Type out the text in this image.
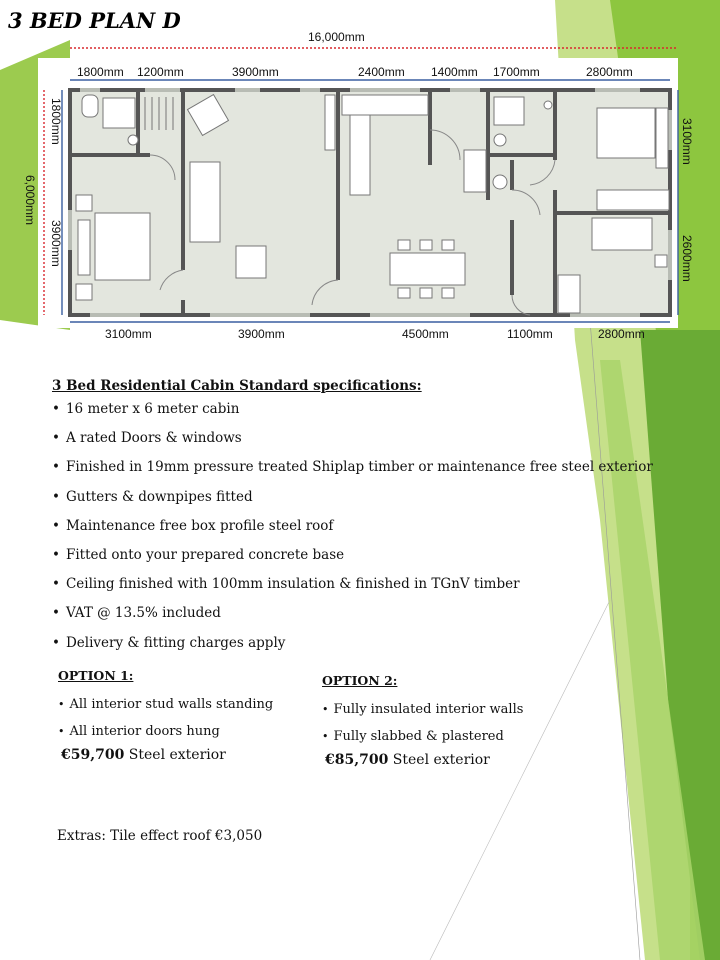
3 BED PLAN D
16,000mm
1800mm 1200mm	3900mm	2400mm 1400mm 1700mm	2800mm
3100mm	3900mm	4500mm	1100mm	2800mm
1800mm
3900mm
6,000mm
3100mm
2600mm
3 Bed Residential Cabin Standard specifications:
• 16 meter x 6 meter cabin
• A rated Doors & windows
• Finished in 19mm pressure treated Shiplap timber or maintenance free steel exterior
• Gutters & downpipes fitted
• Maintenance free box profile steel roof
• Fitted onto your prepared concrete base
• Ceiling finished with 100mm insulation & finished in TGnV timber
• VAT @ 13.5% included
• Delivery & fitting charges apply
OPTION 1:
• All interior stud walls standing
• All interior doors hung
€59,700 Steel exterior
OPTION 2:
• Fully insulated interior walls
• Fully slabbed & plastered
€85,700 Steel exterior
Extras: Tile effect roof €3,050
